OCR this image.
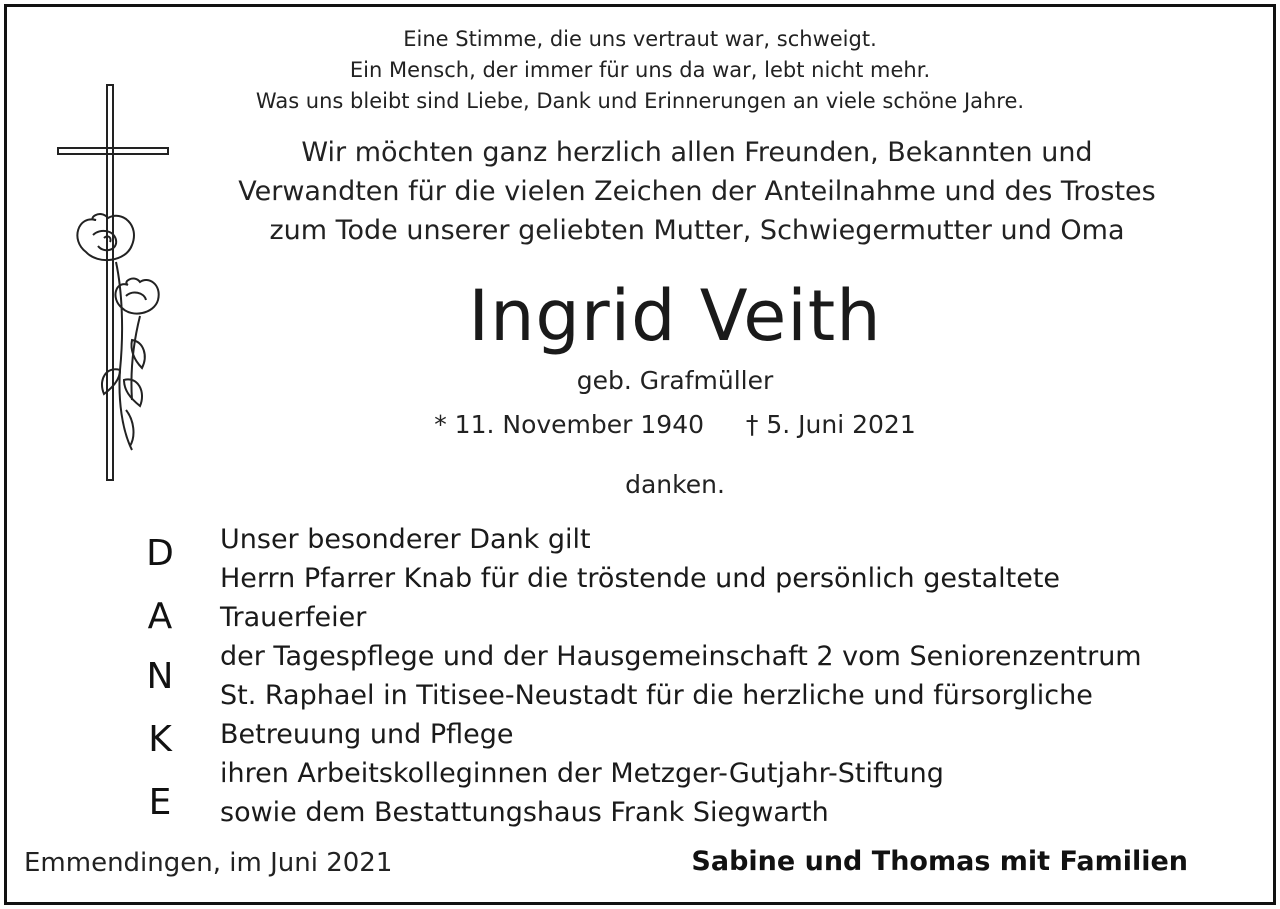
Eine Stimme, die uns vertraut war, schweigt.
Ein Mensch, der immer für uns da war, lebt nicht mehr.
Was uns bleibt sind Liebe, Dank und Erinnerungen an viele schöne Jahre.
Wir möchten ganz herzlich allen Freunden, Bekannten und
Verwandten für die vielen Zeichen der Anteilnahme und des Trostes
zum Tode unserer geliebten Mutter, Schwiegermutter und Oma
Ingrid Veith
geb. Grafmüller
* 11. November 1940 † 5. Juni 2021
danken.
D
A
N
K
E
Unser besonderer Dank gilt
Herrn Pfarrer Knab für die tröstende und persönlich gestaltete
Trauerfeier
der Tagespflege und der Hausgemeinschaft 2 vom Seniorenzentrum
St. Raphael in Titisee-Neustadt für die herzliche und fürsorgliche
Betreuung und Pflege
ihren Arbeitskolleginnen der Metzger-Gutjahr-Stiftung
sowie dem Bestattungshaus Frank Siegwarth
Emmendingen, im Juni 2021	Sabine und Thomas mit Familien
